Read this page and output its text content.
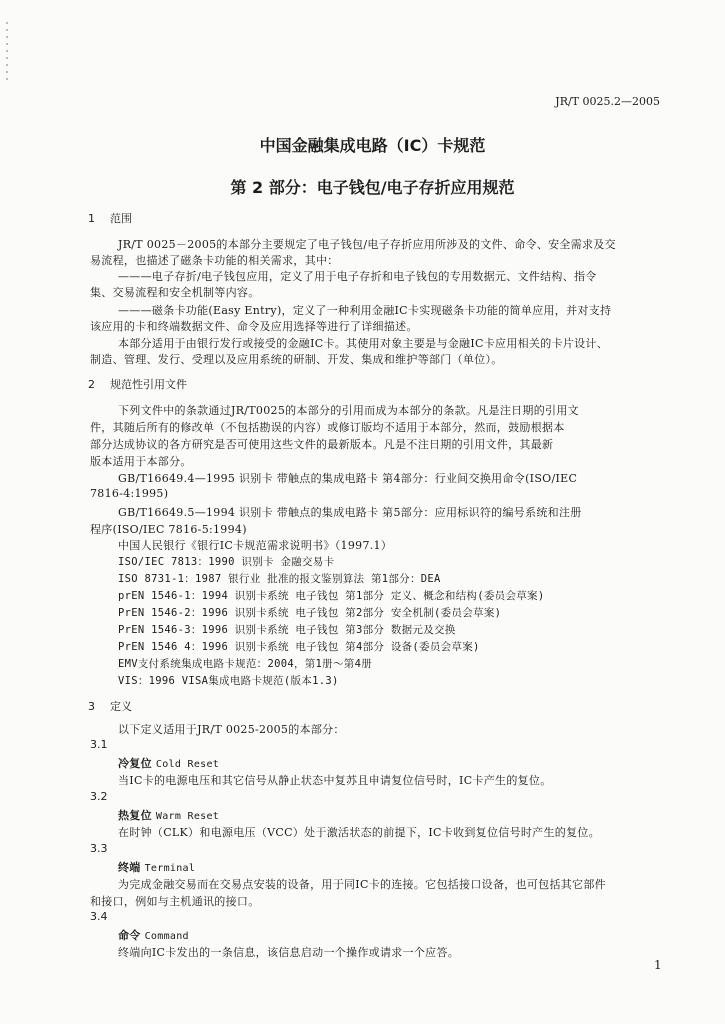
JR/T 0025.2—2005
中国金融集成电路（IC）卡规范
第 2 部分：电子钱包/电子存折应用规范
1 范围
JR/T 0025－2005的本部分主要规定了电子钱包/电子存折应用所涉及的文件、命令、安全需求及交
易流程，也描述了磁条卡功能的相关需求，其中：
———电子存折/电子钱包应用，定义了用于电子存折和电子钱包的专用数据元、文件结构、指令
集、交易流程和安全机制等内容。
———磁条卡功能(Easy Entry)，定义了一种利用金融IC卡实现磁条卡功能的简单应用，并对支持
该应用的卡和终端数据文件、命令及应用选择等进行了详细描述。
本部分适用于由银行发行或接受的金融IC卡。其使用对象主要是与金融IC卡应用相关的卡片设计、
制造、管理、发行、受理以及应用系统的研制、开发、集成和维护等部门（单位）。
2 规范性引用文件
下列文件中的条款通过JR/T0025的本部分的引用而成为本部分的条款。凡是注日期的引用文
件，其随后所有的修改单（不包括勘误的内容）或修订版均不适用于本部分，然而，鼓励根据本
部分达成协议的各方研究是否可使用这些文件的最新版本。凡是不注日期的引用文件，其最新
版本适用于本部分。
GB/T16649.4—1995 识别卡 带触点的集成电路卡 第4部分：行业间交换用命令(ISO/IEC
7816-4:1995)
GB/T16649.5—1994 识别卡 带触点的集成电路卡 第5部分：应用标识符的编号系统和注册
程序(ISO/IEC 7816-5:1994)
中国人民银行《银行IC卡规范需求说明书》（1997.1）
ISO/IEC 7813：1990 识别卡 金融交易卡
ISO 8731-1：1987 银行业 批准的报文鉴别算法 第1部分：DEA
prEN 1546-1：1994 识别卡系统 电子钱包 第1部分 定义、概念和结构(委员会草案)
PrEN 1546-2：1996 识别卡系统 电子钱包 第2部分 安全机制(委员会草案)
PrEN 1546-3：1996 识别卡系统 电子钱包 第3部分 数据元及交换
PrEN 1546 4：1996 识别卡系统 电子钱包 第4部分 设备(委员会草案)
EMV支付系统集成电路卡规范：2004，第1册～第4册
VIS：1996 VISA集成电路卡规范(版本1.3)
3 定义
以下定义适用于JR/T 0025-2005的本部分：
3.1
冷复位 Cold Reset
当IC卡的电源电压和其它信号从静止状态中复苏且申请复位信号时，IC卡产生的复位。
3.2
热复位 Warm Reset
在时钟（CLK）和电源电压（VCC）处于激活状态的前提下，IC卡收到复位信号时产生的复位。
3.3
终端 Terminal
为完成金融交易而在交易点安装的设备，用于同IC卡的连接。它包括接口设备，也可包括其它部件
和接口，例如与主机通讯的接口。
3.4
命令 Command
终端向IC卡发出的一条信息，该信息启动一个操作或请求一个应答。
1
